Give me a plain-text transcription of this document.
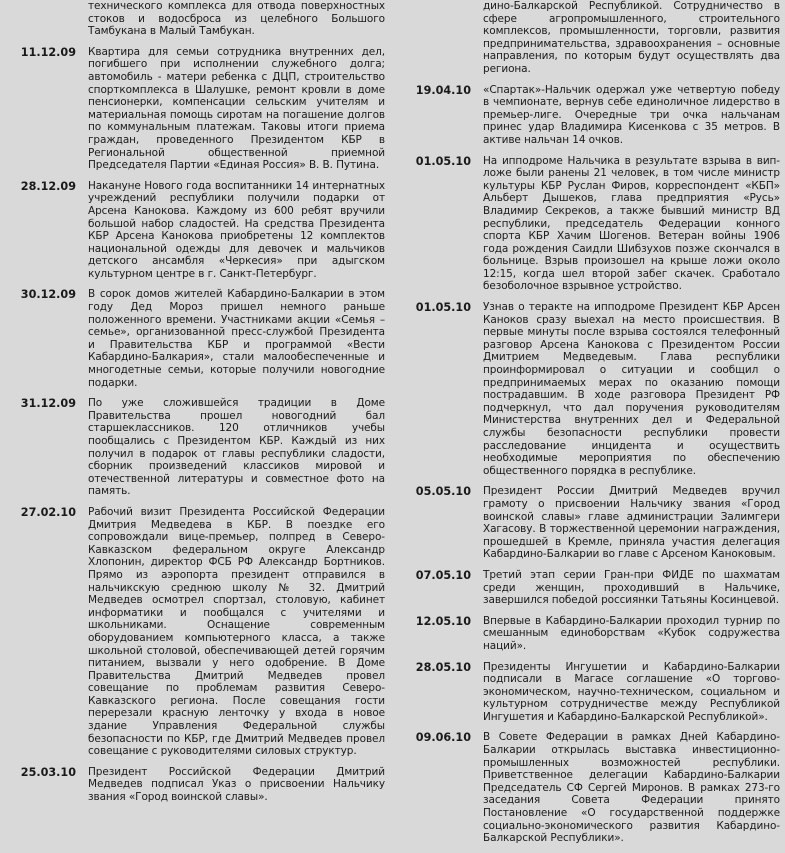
технического комплекса для отвода поверхностных стоков и водосброса из целебного Большого Тамбукана в Малый Тамбукан.
11.12.09	Квартира для семьи сотрудника внутренних дел, погибшего при исполнении служебного долга; автомобиль - матери ребенка с ДЦП, строительство спорткомплекса в Шалушке, ремонт кровли в доме пенсионерки, компенсации сельским учителям и материальная помощь сиротам на погашение долгов по коммунальным платежам. Таковы итоги приема граждан, проведенного Президентом КБР в Региональной общественной приемной Председателя Партии «Единая Россия» В. В. Путина.
28.12.09	Накануне Нового года воспитанники 14 интернатных учреждений республики получили подарки от Арсена Канокова. Каждому из 600 ребят вручили большой набор сладостей. На средства Президента КБР Арсена Канокова приобретены 12 комплектов национальной одежды для девочек и мальчиков детского ансамбля «Черкесия» при адыгском культурном центре в г. Санкт-Петербург.
30.12.09	В сорок домов жителей Кабардино-Балкарии в этом году Дед Мороз пришел немного раньше положенного времени. Участниками акции «Семья – семье», организованной пресс-службой Президента и Правительства КБР и программой «Вести Кабардино-Балкария», стали малообеспеченные и многодетные семьи, которые получили новогодние подарки.
31.12.09	По уже сложившейся традиции в Доме Правительства прошел новогодний бал старшеклассников. 120 отличников учебы пообщались с Президентом КБР. Каждый из них получил в подарок от главы республики сладости, сборник произведений классиков мировой и отечественной литературы и совместное фото на память.
27.02.10	Рабочий визит Президента Российской Федерации Дмитрия Медведева в КБР. В поездке его сопровождали вице-премьер, полпред в Северо-Кавказском федеральном округе Александр Хлопонин, директор ФСБ РФ Александр Бортников. Прямо из аэропорта президент отправился в нальчикскую среднюю школу № 32. Дмитрий Медведев осмотрел спортзал, столовую, кабинет информатики и пообщался с учителями и школьниками. Оснащение современным оборудованием компьютерного класса, а также школьной столовой, обеспечивающей детей горячим питанием, вызвали у него одобрение. В Доме Правительства Дмитрий Медведев провел совещание по проблемам развития Северо-Кавказского региона. После совещания гости перерезали красную ленточку у входа в новое здание Управления Федеральной службы безопасности по КБР, где Дмитрий Медведев провел совещание с руководителями силовых структур.
25.03.10	Президент Российской Федерации Дмитрий Медведев подписал Указ о присвоении Нальчику звания «Город воинской славы».
дино-Балкарской Республикой. Сотрудничество в сфере агропромышленного, строительного комплексов, промышленности, торговли, развития предпринимательства, здравоохранения – основные направления, по которым будут осуществлять два региона.
19.04.10	«Спартак»-Нальчик одержал уже четвертую победу в чемпионате, вернув себе единоличное лидерство в премьер-лиге. Очередные три очка нальчанам принес удар Владимира Кисенкова с 35 метров. В активе нальчан 14 очков.
01.05.10	На ипподроме Нальчика в результате взрыва в вип-ложе были ранены 21 человек, в том числе министр культуры КБР Руслан Фиров, корреспондент «КБП» Альберт Дышеков, глава предприятия «Русь» Владимир Секреков, а также бывший министр ВД республики, председатель Федерации конного спорта КБР Хачим Шогенов. Ветеран войны 1906 года рождения Саидли Шибзухов позже скончался в больнице. Взрыв произошел на крыше ложи около 12:15, когда шел второй забег скачек. Сработало безоболочное взрывное устройство.
01.05.10	Узнав о теракте на ипподроме Президент КБР Арсен Каноков сразу выехал на место происшествия. В первые минуты после взрыва состоялся телефонный разговор Арсена Канокова с Президентом России Дмитрием Медведевым. Глава республики проинформировал о ситуации и сообщил о предпринимаемых мерах по оказанию помощи пострадавшим. В ходе разговора Президент РФ подчеркнул, что дал поручения руководителям Министерства внутренних дел и Федеральной службы безопасности республики провести расследование инцидента и осуществить необходимые мероприятия по обеспечению общественного порядка в республике.
05.05.10	Президент России Дмитрий Медведев вручил грамоту о присвоении Нальчику звания «Город воинской славы» главе администрации Залимгери Хагасову. В торжественной церемонии награждения, прошедшей в Кремле, приняла участия делегация Кабардино-Балкарии во главе с Арсеном Каноковым.
07.05.10	Третий этап серии Гран-при ФИДЕ по шахматам среди женщин, проходивший в Нальчике, завершился победой россиянки Татьяны Косинцевой.
12.05.10	Впервые в Кабардино-Балкарии проходил турнир по смешанным единоборствам «Кубок содружества наций».
28.05.10	Президенты Ингушетии и Кабардино-Балкарии подписали в Магасе соглашение «О торгово-экономическом, научно-техническом, социальном и культурном сотрудничестве между Республикой Ингушетия и Кабардино-Балкарской Республикой».
09.06.10	В Совете Федерации в рамках Дней Кабардино-Балкарии открылась выставка инвестиционно-промышленных возможностей республики. Приветственное делегации Кабардино-Балкарии Председатель СФ Сергей Миронов. В рамках 273-го заседания Совета Федерации принято Постановление «О государственной поддержке социально-экономического развития Кабардино-Балкарской Республики».
